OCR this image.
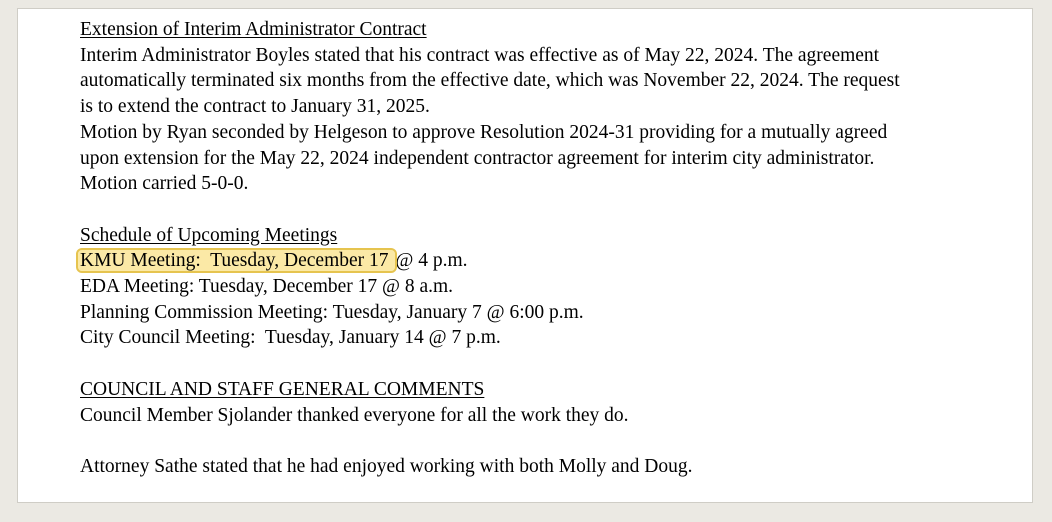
Extension of Interim Administrator Contract
Interim Administrator Boyles stated that his contract was effective as of May 22, 2024. The agreement
automatically terminated six months from the effective date, which was November 22, 2024. The request
is to extend the contract to January 31, 2025.
Motion by Ryan seconded by Helgeson to approve Resolution 2024-31 providing for a mutually agreed
upon extension for the May 22, 2024 independent contractor agreement for interim city administrator.
Motion carried 5-0-0.
Schedule of Upcoming Meetings
KMU Meeting:  Tuesday, December 17 @ 4 p.m.
EDA Meeting: Tuesday, December 17 @ 8 a.m.
Planning Commission Meeting: Tuesday, January 7 @ 6:00 p.m.
City Council Meeting:  Tuesday, January 14 @ 7 p.m.
COUNCIL AND STAFF GENERAL COMMENTS
Council Member Sjolander thanked everyone for all the work they do.
Attorney Sathe stated that he had enjoyed working with both Molly and Doug.
